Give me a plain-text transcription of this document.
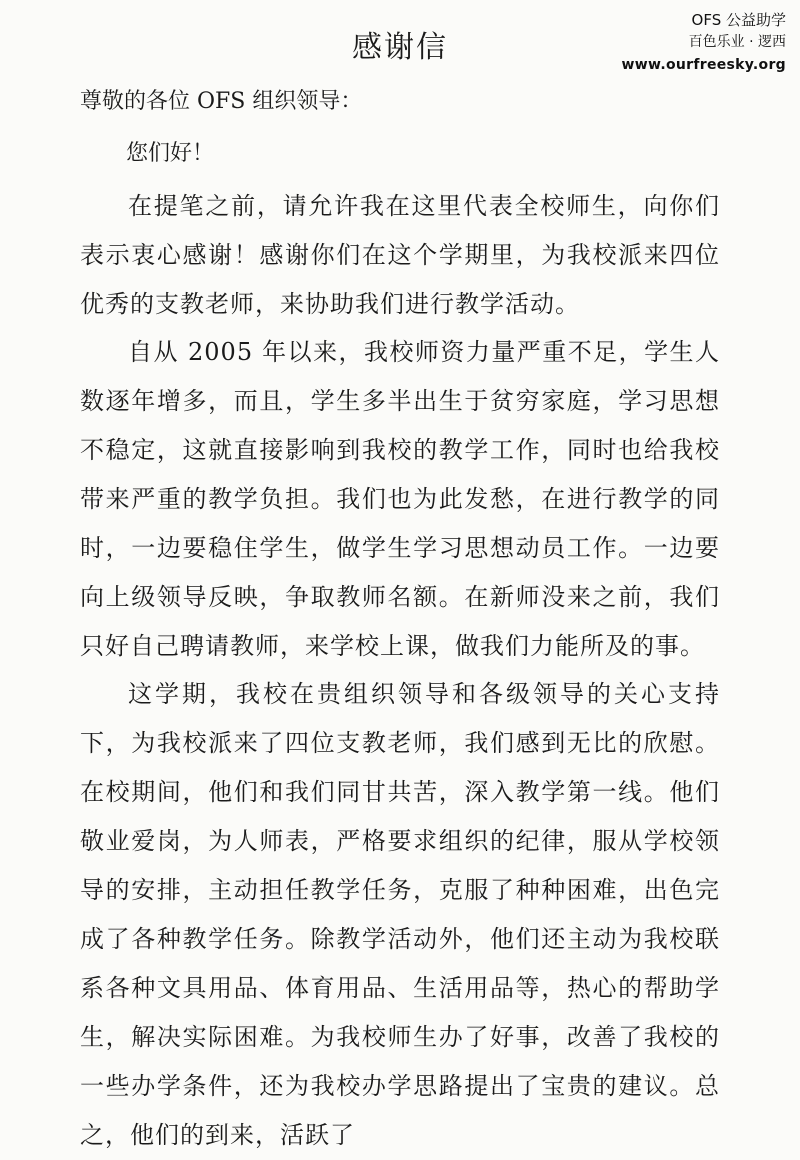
OFS 公益助学
百色乐业 · 逻西
www.ourfreesky.org
感谢信
尊敬的各位 OFS 组织领导：
您们好！
在提笔之前，请允许我在这里代表全校师生，向你们表示衷心感谢！感谢你们在这个学期里，为我校派来四位优秀的支教老师，来协助我们进行教学活动。
自从 2005 年以来，我校师资力量严重不足，学生人数逐年增多，而且，学生多半出生于贫穷家庭，学习思想不稳定，这就直接影响到我校的教学工作，同时也给我校带来严重的教学负担。我们也为此发愁，在进行教学的同时，一边要稳住学生，做学生学习思想动员工作。一边要向上级领导反映，争取教师名额。在新师没来之前，我们只好自己聘请教师，来学校上课，做我们力能所及的事。
这学期，我校在贵组织领导和各级领导的关心支持下，为我校派来了四位支教老师，我们感到无比的欣慰。在校期间，他们和我们同甘共苦，深入教学第一线。他们敬业爱岗，为人师表，严格要求组织的纪律，服从学校领导的安排，主动担任教学任务，克服了种种困难，出色完成了各种教学任务。除教学活动外，他们还主动为我校联系各种文具用品、体育用品、生活用品等，热心的帮助学生，解决实际困难。为我校师生办了好事，改善了我校的一些办学条件，还为我校办学思路提出了宝贵的建议。总之，他们的到来，活跃了
